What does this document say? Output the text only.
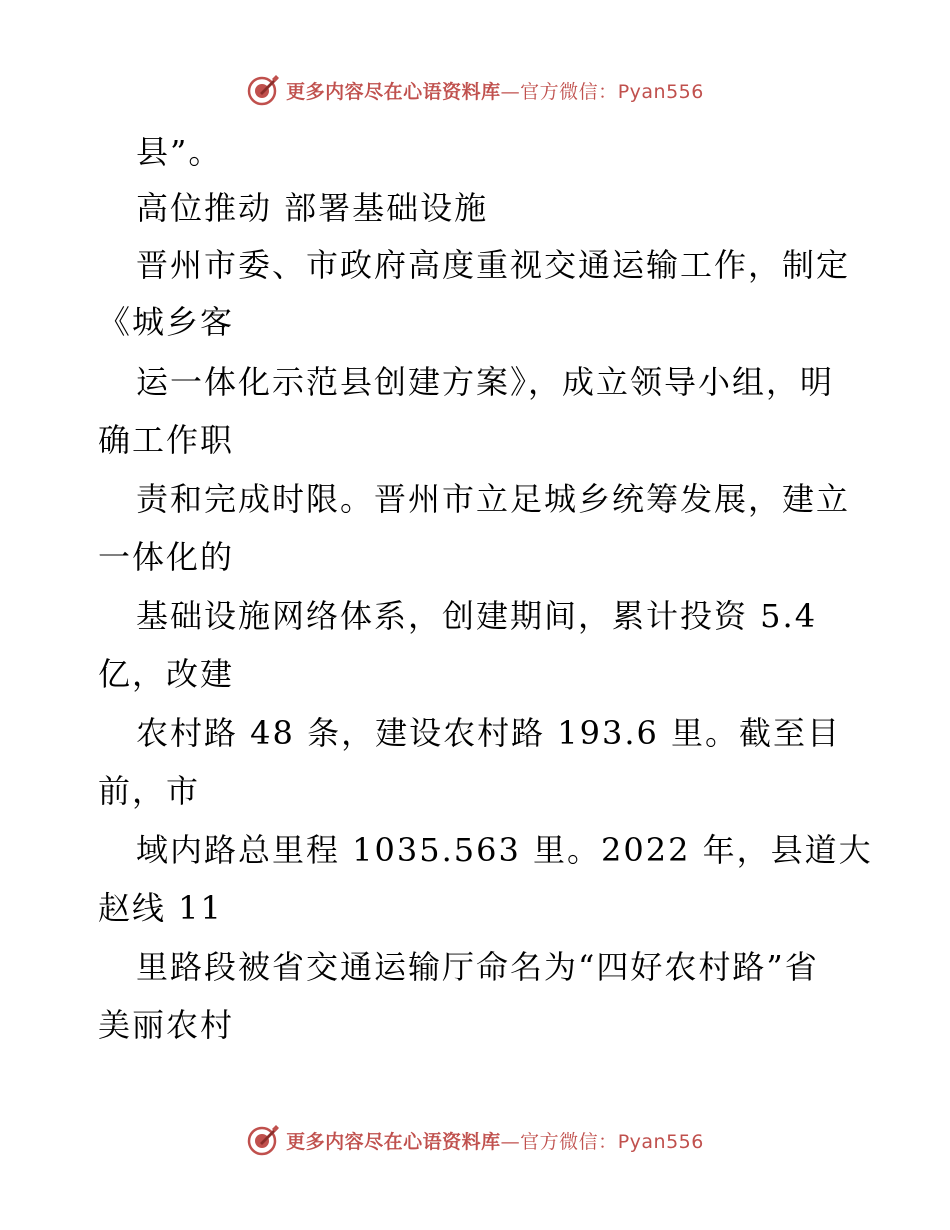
更多内容尽在心语资料库—官方微信：Pyan556
县”。
高位推动 部署基础设施
晋州市委、市政府高度重视交通运输工作，制定
《城乡客
运一体化示范县创建方案》，成立领导小组，明
确工作职
责和完成时限。晋州市立足城乡统筹发展，建立
一体化的
基础设施网络体系，创建期间，累计投资 5.4
亿，改建
农村路 48 条，建设农村路 193.6 里。截至目
前，市
域内路总里程 1035.563 里。2022 年，县道大
赵线 11
里路段被省交通运输厅命名为“四好农村路”省
美丽农村
更多内容尽在心语资料库—官方微信：Pyan556
